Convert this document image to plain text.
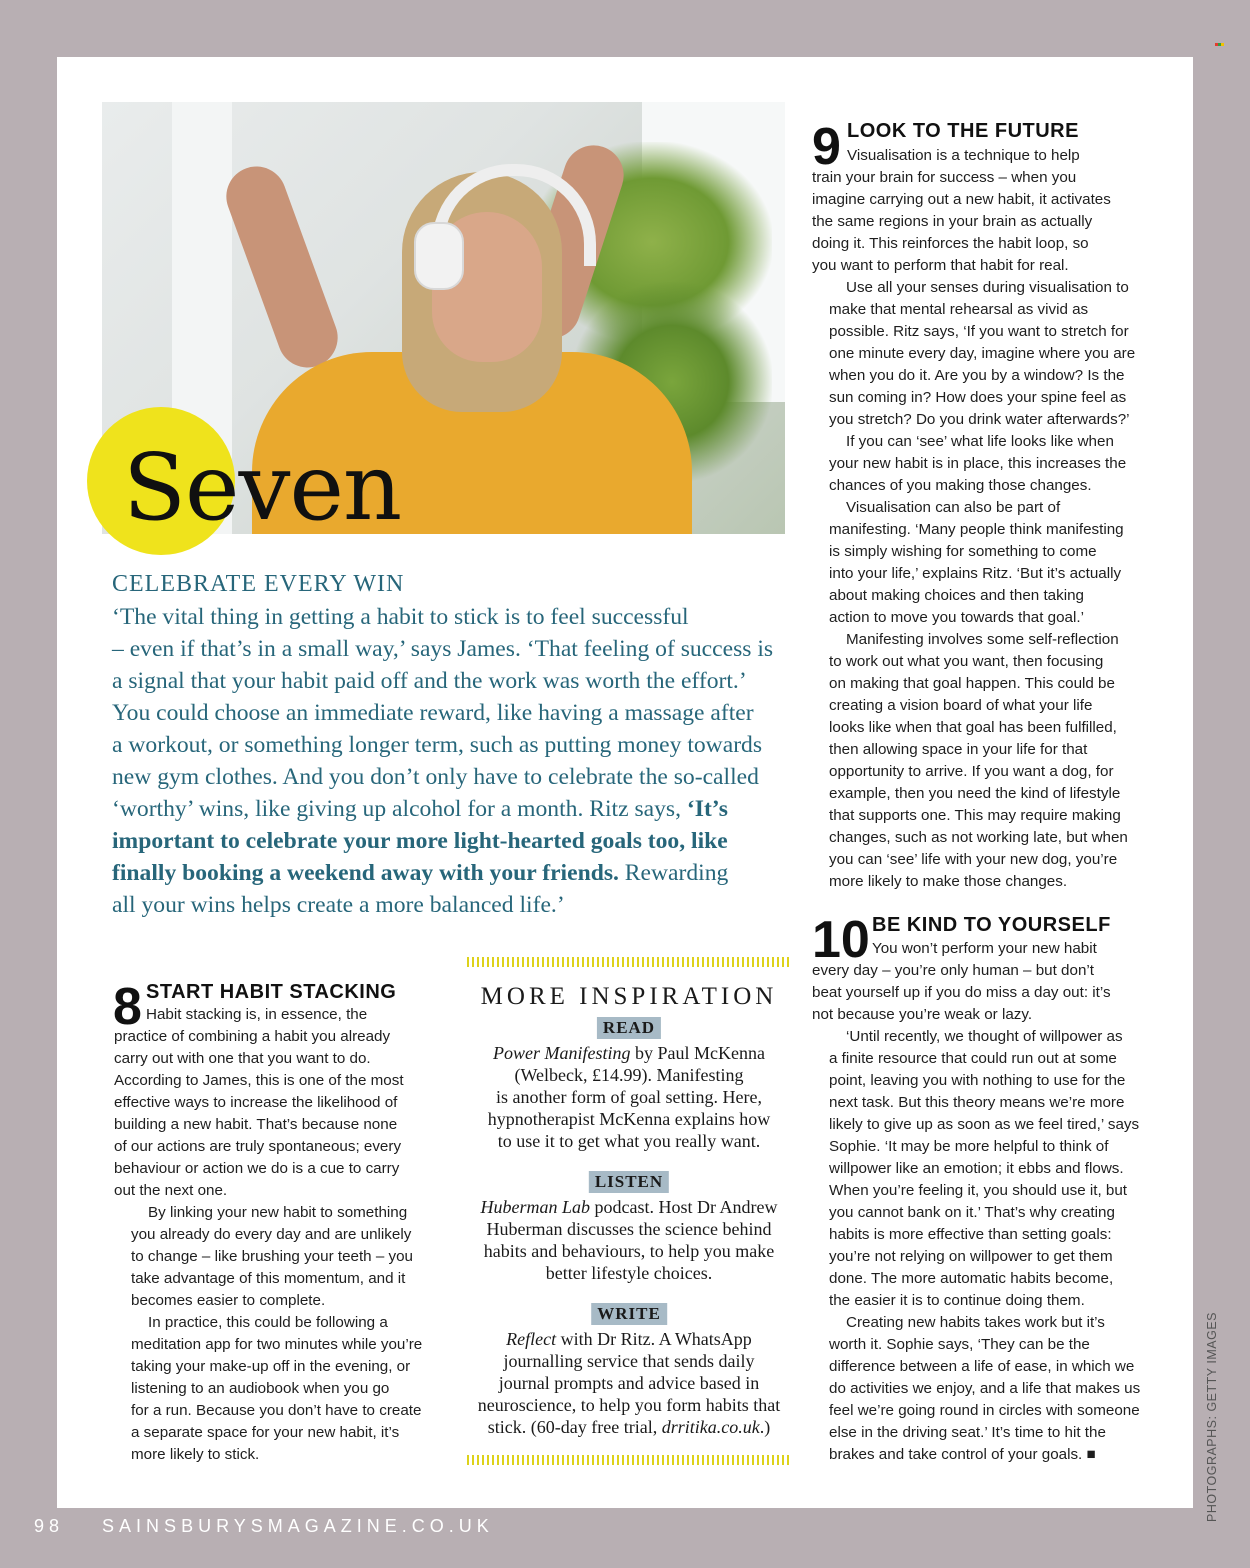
Seven
CELEBRATE EVERY WIN

‘The vital thing in getting a habit to stick is to feel successful
– even if that’s in a small way,’ says James. ‘That feeling of success is
a signal that your habit paid off and the work was worth the effort.’
You could choose an immediate reward, like having a massage after
a workout, or something longer term, such as putting money towards
new gym clothes. And you don’t only have to celebrate the so-called
‘worthy’ wins, like giving up alcohol for a month. Ritz says, ‘It’s
important to celebrate your more light-hearted goals too, like
finally booking a weekend away with your friends. Rewarding
all your wins helps create a more balanced life.’

8 START HABIT STACKING

Habit stacking is, in essence, the
practice of combining a habit you already
carry out with one that you want to do.
According to James, this is one of the most
effective ways to increase the likelihood of
building a new habit. That’s because none
of our actions are truly spontaneous; every
behaviour or action we do is a cue to carry
out the next one.

By linking your new habit to something
you already do every day and are unlikely
to change – like brushing your teeth – you
take advantage of this momentum, and it
becomes easier to complete.

In practice, this could be following a
meditation app for two minutes while you’re
taking your make-up off in the evening, or
listening to an audiobook when you go
for a run. Because you don’t have to create
a separate space for your new habit, it’s
more likely to stick.

MORE INSPIRATION
READ

Power Manifesting by Paul McKenna
(Welbeck, £14.99). Manifesting
is another form of goal setting. Here,
hypnotherapist McKenna explains how
to use it to get what you really want.

LISTEN

Huberman Lab podcast. Host Dr Andrew
Huberman discusses the science behind
habits and behaviours, to help you make
better lifestyle choices.

WRITE

Reflect with Dr Ritz. A WhatsApp
journalling service that sends daily
journal prompts and advice based in
neuroscience, to help you form habits that
stick. (60-day free trial, drritika.co.uk.)

9 LOOK TO THE FUTURE

Visualisation is a technique to help
train your brain for success – when you
imagine carrying out a new habit, it activates
the same regions in your brain as actually
doing it. This reinforces the habit loop, so
you want to perform that habit for real.

Use all your senses during visualisation to
make that mental rehearsal as vivid as
possible. Ritz says, ‘If you want to stretch for
one minute every day, imagine where you are
when you do it. Are you by a window? Is the
sun coming in? How does your spine feel as
you stretch? Do you drink water afterwards?’

If you can ‘see’ what life looks like when
your new habit is in place, this increases the
chances of you making those changes.

Visualisation can also be part of
manifesting. ‘Many people think manifesting
is simply wishing for something to come
into your life,’ explains Ritz. ‘But it’s actually
about making choices and then taking
action to move you towards that goal.’

Manifesting involves some self-reflection
to work out what you want, then focusing
on making that goal happen. This could be
creating a vision board of what your life
looks like when that goal has been fulfilled,
then allowing space in your life for that
opportunity to arrive. If you want a dog, for
example, then you need the kind of lifestyle
that supports one. This may require making
changes, such as not working late, but when
you can ‘see’ life with your new dog, you’re
more likely to make those changes.

10 BE KIND TO YOURSELF

You won’t perform your new habit
every day – you’re only human – but don’t
beat yourself up if you do miss a day out: it’s
not because you’re weak or lazy.

‘Until recently, we thought of willpower as
a finite resource that could run out at some
point, leaving you with nothing to use for the
next task. But this theory means we’re more
likely to give up as soon as we feel tired,’ says
Sophie. ‘It may be more helpful to think of
willpower like an emotion; it ebbs and flows.
When you’re feeling it, you should use it, but
you cannot bank on it.’ That’s why creating
habits is more effective than setting goals:
you’re not relying on willpower to get them
done. The more automatic habits become,
the easier it is to continue doing them.

Creating new habits takes work but it’s
worth it. Sophie says, ‘They can be the
difference between a life of ease, in which we
do activities we enjoy, and a life that makes us
feel we’re going round in circles with someone
else in the driving seat.’ It’s time to hit the
brakes and take control of your goals. ■	PHOTOGRAPHS: GETTY IMAGES
98 SAINSBURYSMAGAZINE.CO.UK
